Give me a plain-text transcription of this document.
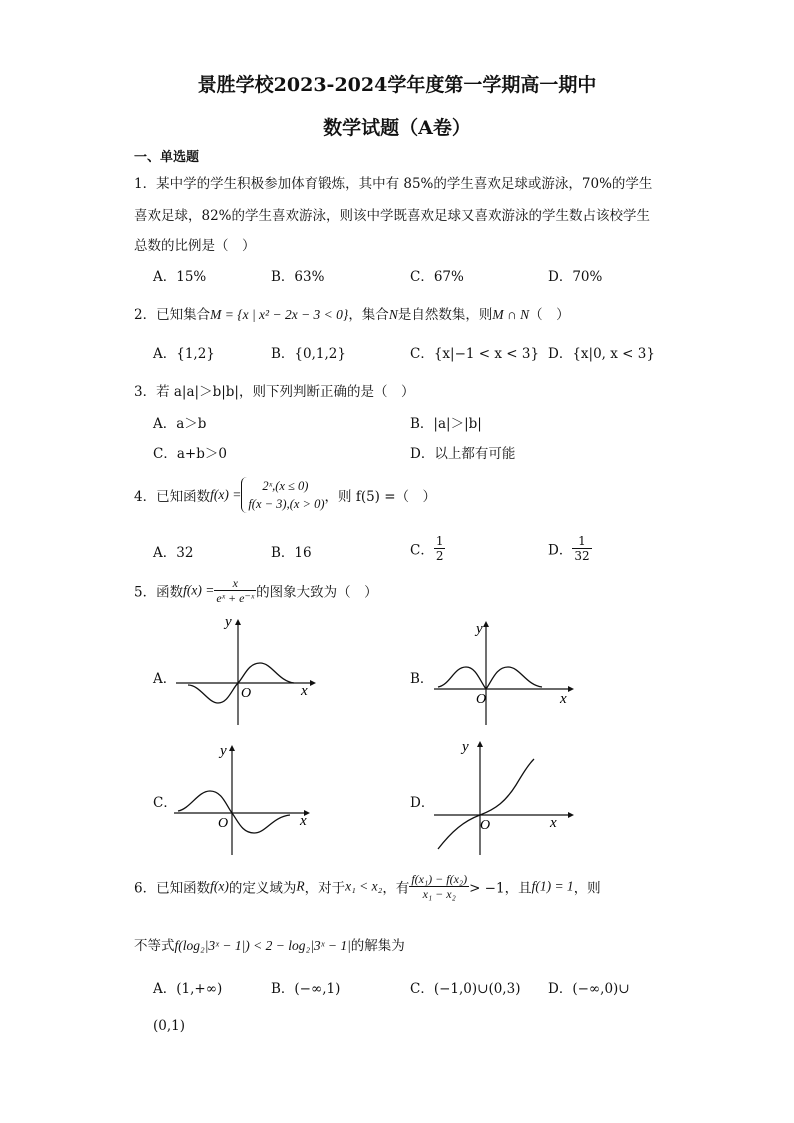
景胜学校2023-2024学年度第一学期高一期中
数学试题（A卷）
一、单选题
1．某中学的学生积极参加体育锻炼，其中有 85%的学生喜欢足球或游泳，70%的学生
喜欢足球，82%的学生喜欢游泳，则该中学既喜欢足球又喜欢游泳的学生数占该校学生
总数的比例是（　）
A．15%	B．63%	C．67%	D．70%
2．已知集合M = {x | x² − 2x − 3 < 0}，集合N是自然数集，则M ∩ N（　）
A．{1,2}	B．{0,1,2}	C．{x|−1 < x < 3} D．{x|0, x < 3}
3．若 a|a|＞b|b|，则下列判断正确的是（　）
A．a＞b	B．|a|＞|b|
C．a+b＞0	D．以上都有可能
4．已知函数f(x) =
2ˣ,(x ≤ 0)
f(x − 3),(x > 0) ，则 f(5) =（　）
A．32	B．16	C． $\frac{1}{2}$	D． $\frac{1}{32}$
5．函数$f(x) = \frac{x}{\text{eˣ + e⁻ˣ}}$ 的图象大致为（　）
A．	B．
C．	D．
y
x
O
y
x
O
y
x
O
y
x
O
6．已知函数f(x)的定义域为R，对于x₁ < x₂，有 $\frac{\text{f(x₁) − f(x₂)}}{\text{x₁ − x₂}} > -1$，且f(1) = 1，则
不等式f(log₂|3ˣ − 1|) < 2 − log₂|3ˣ − 1|的解集为
A．(1,+∞)	B．(−∞,1)	C．(−1,0)∪(0,3) D．(−∞,0)∪
(0,1)
